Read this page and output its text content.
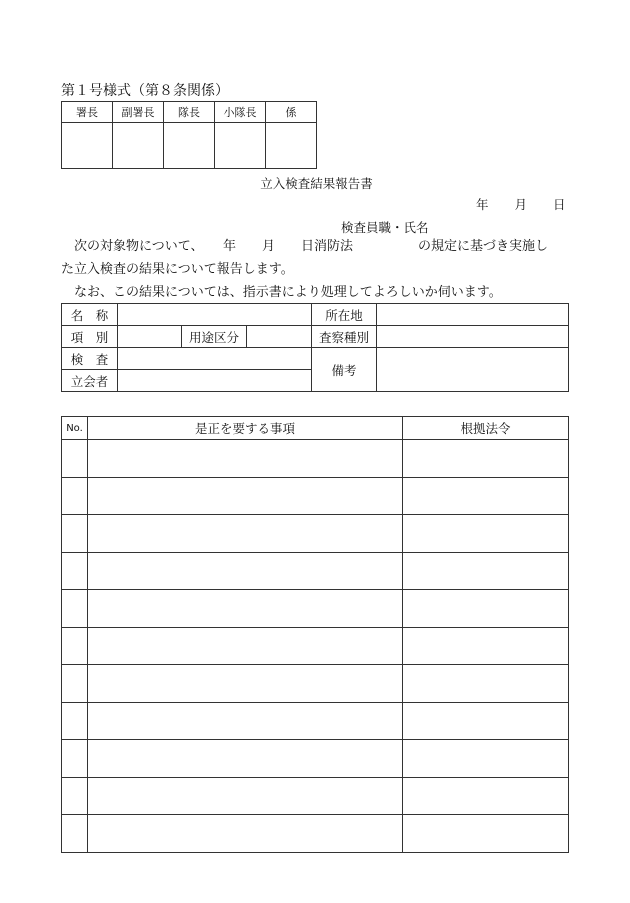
第１号様式（第８条関係）
署長	副署長	隊長	小隊長	係

立入検査結果報告書
年 月 日
検査員職・氏名
　次の対象物について、　　年　　月　　日消防法　　　　　の規定に基づき実施し
た立入検査の結果について報告します。
　なお、この結果については、指示書により処理してよろしいか伺います。
名　称				所在地	
項　別		用途区分		査察種別	
検　査				備考	
立会者					
No.	是正を要する事項	根拠法令
